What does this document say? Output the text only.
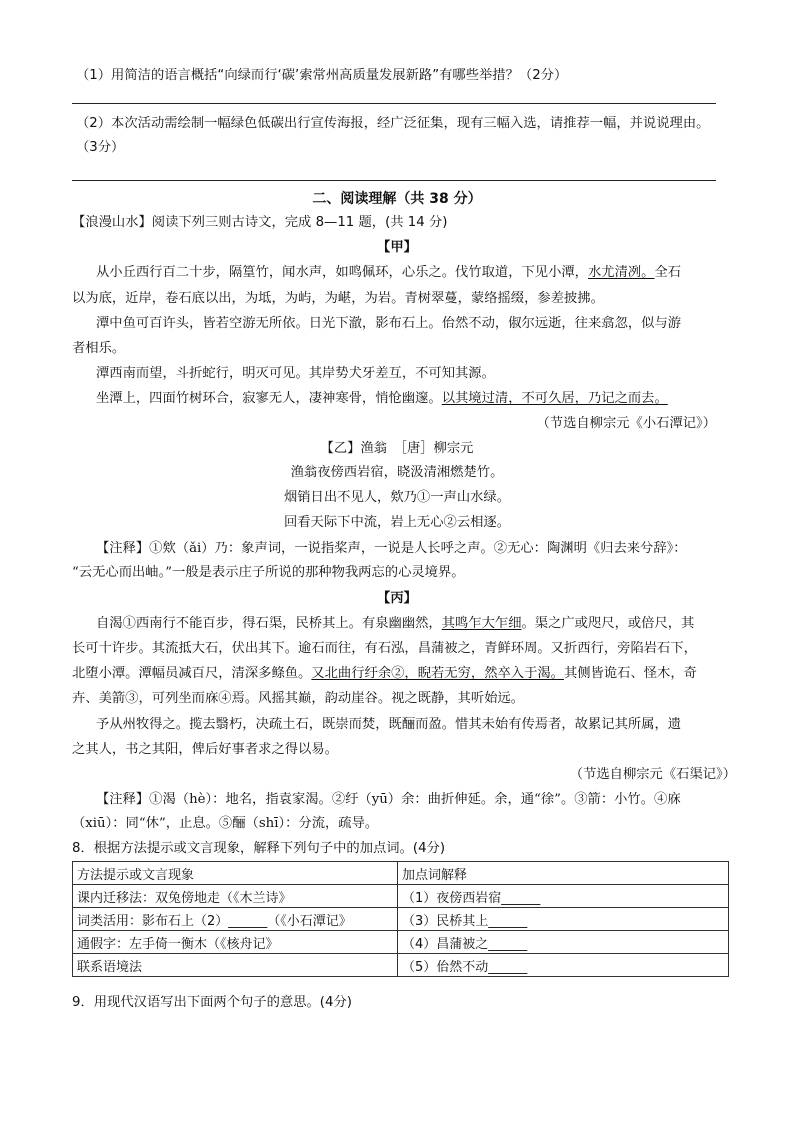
（1）用简洁的语言概括“向绿而行‘碳’索常州高质量发展新路”有哪些举措？（2分）
（2）本次活动需绘制一幅绿色低碳出行宣传海报，经广泛征集，现有三幅入选，请推荐一幅，并说说理由。
（3分）
二、阅读理解（共 38 分）
【浪漫山水】阅读下列三则古诗文，完成 8—11 题，(共 14 分)
【甲】
从小丘西行百二十步，隔篁竹，闻水声，如鸣佩环，心乐之。伐竹取道，下见小潭，水尤清冽。全石
以为底，近岸，卷石底以出，为坻，为屿，为嵁，为岩。青树翠蔓，蒙络摇缀，参差披拂。
潭中鱼可百许头，皆若空游无所依。日光下澈，影布石上。佁然不动，俶尔远逝，往来翕忽，似与游
者相乐。
潭西南而望，斗折蛇行，明灭可见。其岸势犬牙差互，不可知其源。
坐潭上，四面竹树环合，寂寥无人，凄神寒骨，悄怆幽邃。以其境过清，不可久居，乃记之而去。
（节选自柳宗元《小石潭记》）
【乙】渔翁　［唐］柳宗元
渔翁夜傍西岩宿，晓汲清湘燃楚竹。
烟销日出不见人，欸乃①一声山水绿。
回看天际下中流，岩上无心②云相逐。
【注释】①欸（ǎi）乃：象声词，一说指桨声，一说是人长呼之声。②无心：陶渊明《归去来兮辞》：
“云无心而出岫。”一般是表示庄子所说的那种物我两忘的心灵境界。
【丙】
自渴①西南行不能百步，得石渠，民桥其上。有泉幽幽然，其鸣乍大乍细。渠之广或咫尺，或倍尺，其
长可十许步。其流抵大石，伏出其下。逾石而往，有石泓，昌蒲被之，青鲜环周。又折西行，旁陷岩石下，
北堕小潭。潭幅员减百尺，清深多鲦鱼。又北曲行纡余②，睨若无穷，然卒入于渴。其侧皆诡石、怪木，奇
卉、美箭③，可列坐而庥④焉。风摇其巅，韵动崖谷。视之既静，其听始远。
予从州牧得之。揽去翳朽，决疏土石，既崇而焚，既酾而盈。惜其未始有传焉者，故累记其所属，遗
之其人，书之其阳，俾后好事者求之得以易。
（节选自柳宗元《石渠记》）
【注释】①渴（hè）：地名，指袁家渴。②纡（yū）余：曲折伸延。余，通“徐”。③箭：小竹。④庥
（xiū）：同“休”，止息。⑤酾（shī）：分流，疏导。
8．根据方法提示或文言现象，解释下列句子中的加点词。(4分)
方法提示或文言现象	加点词解释
课内迁移法：双兔傍地走（《木兰诗》	（1）夜傍西岩宿______
词类活用：影布石上（2）______（《小石潭记》	（3）民桥其上______
通假字：左手倚一衡木（《核舟记》	（4）昌蒲被之______
联系语境法	（5）佁然不动______
9．用现代汉语写出下面两个句子的意思。(4分)
